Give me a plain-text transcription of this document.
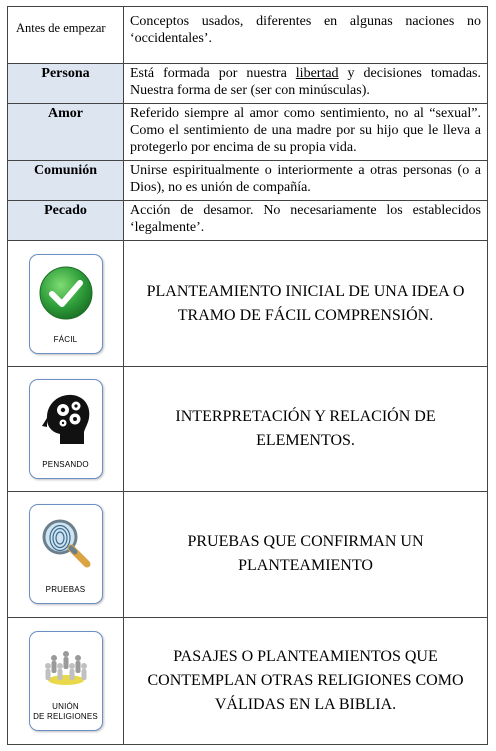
Antes de empezar	Conceptos usados, diferentes en algunas naciones no ‘occidentales’.
Persona	Está formada por nuestra libertad y decisiones tomadas. Nuestra forma de ser (ser con minúsculas).
Amor	Referido siempre al amor como sentimiento, no al “sexual”. Como el sentimiento de una madre por su hijo que le lleva a protegerlo por encima de su propia vida.
Comunión	Unirse espiritualmente o interiormente a otras personas (o a Dios), no es unión de compañía.
Pecado	Acción de desamor. No necesariamente los establecidos ‘legalmente’.

FÁCIL	PLANTEAMIENTO INICIAL DE UNA IDEA O TRAMO DE FÁCIL COMPRENSIÓN.

PENSANDO	INTERPRETACIÓN Y RELACIÓN DE ELEMENTOS.

PRUEBAS	PRUEBAS QUE CONFIRMAN UN PLANTEAMIENTO

UNIÓN
DE RELIGIONES	PASAJES O PLANTEAMIENTOS QUE CONTEMPLAN OTRAS RELIGIONES COMO VÁLIDAS EN LA BIBLIA.
